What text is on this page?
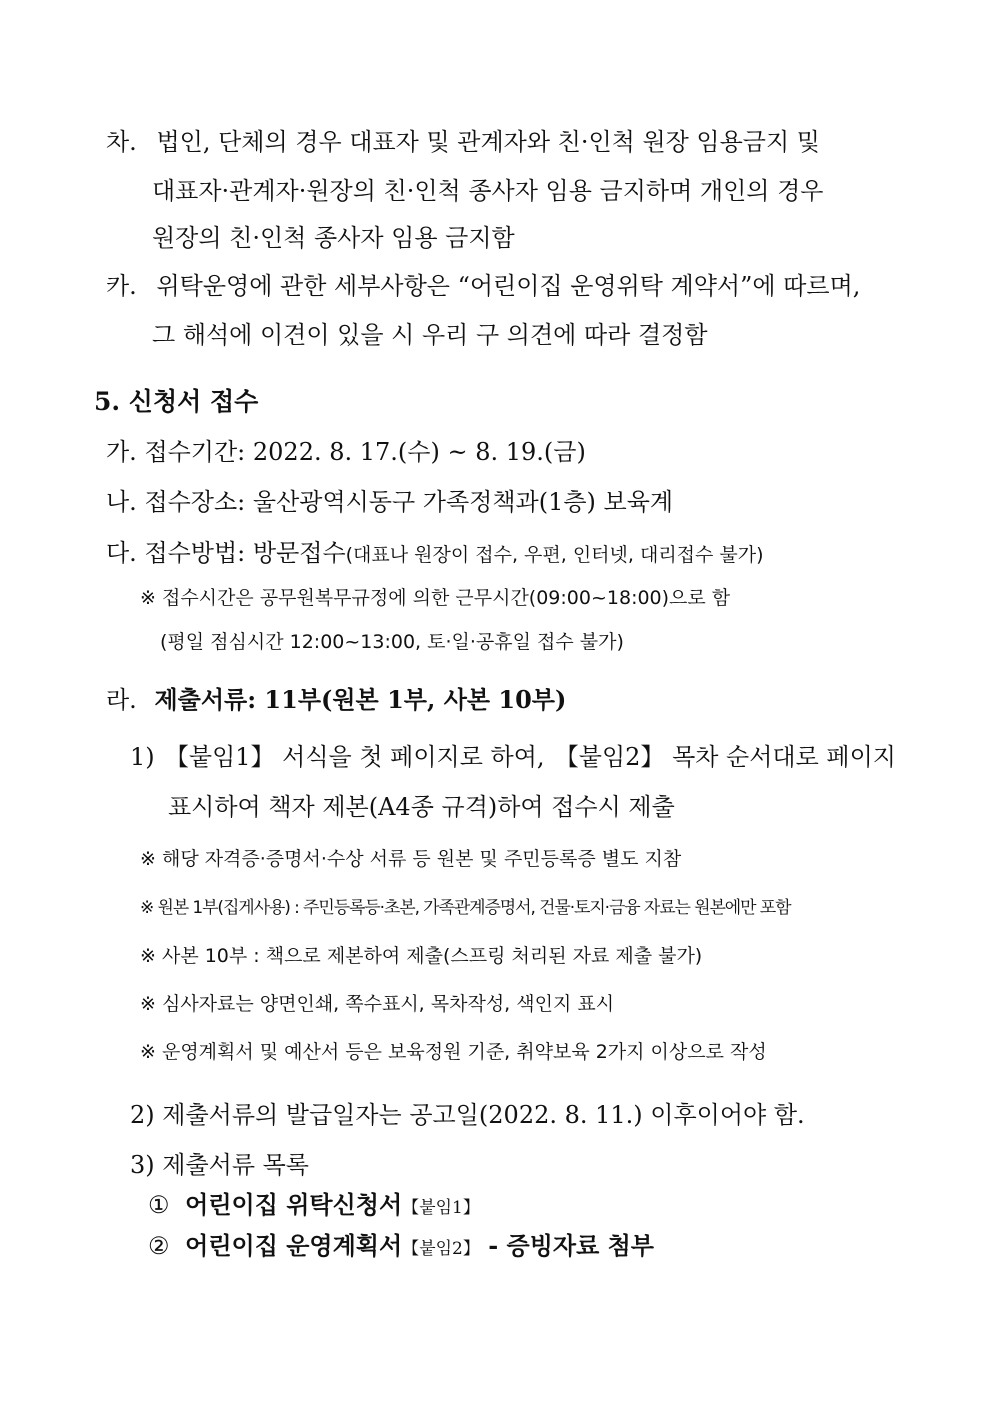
차. 법인, 단체의 경우 대표자 및 관계자와 친·인척 원장 임용금지 및
대표자·관계자·원장의 친·인척 종사자 임용 금지하며 개인의 경우
원장의 친·인척 종사자 임용 금지함
카. 위탁운영에 관한 세부사항은 “어린이집 운영위탁 계약서”에 따르며,
그 해석에 이견이 있을 시 우리 구 의견에 따라 결정함
5. 신청서 접수
가. 접수기간: 2022. 8. 17.(수) ~ 8. 19.(금)
나. 접수장소: 울산광역시동구 가족정책과(1층) 보육계
다. 접수방법: 방문접수(대표나 원장이 접수, 우편, 인터넷, 대리접수 불가)
※ 접수시간은 공무원복무규정에 의한 근무시간(09:00~18:00)으로 함
(평일 점심시간 12:00~13:00, 토·일·공휴일 접수 불가)
라. 제출서류: 11부(원본 1부, 사본 10부)
1) 【붙임1】 서식을 첫 페이지로 하여, 【붙임2】 목차 순서대로 페이지
표시하여 책자 제본(A4종 규격)하여 접수시 제출
※ 해당 자격증·증명서·수상 서류 등 원본 및 주민등록증 별도 지참
※ 원본 1부(집게사용) : 주민등록등·초본, 가족관계증명서, 건물·토지·금융 자료는 원본에만 포함
※ 사본 10부 : 책으로 제본하여 제출(스프링 처리된 자료 제출 불가)
※ 심사자료는 양면인쇄, 쪽수표시, 목차작성, 색인지 표시
※ 운영계획서 및 예산서 등은 보육정원 기준, 취약보육 2가지 이상으로 작성
2) 제출서류의 발급일자는 공고일(2022. 8. 11.) 이후이어야 함.
3) 제출서류 목록
① 어린이집 위탁신청서【붙임1】
② 어린이집 운영계획서【붙임2】 - 증빙자료 첨부
